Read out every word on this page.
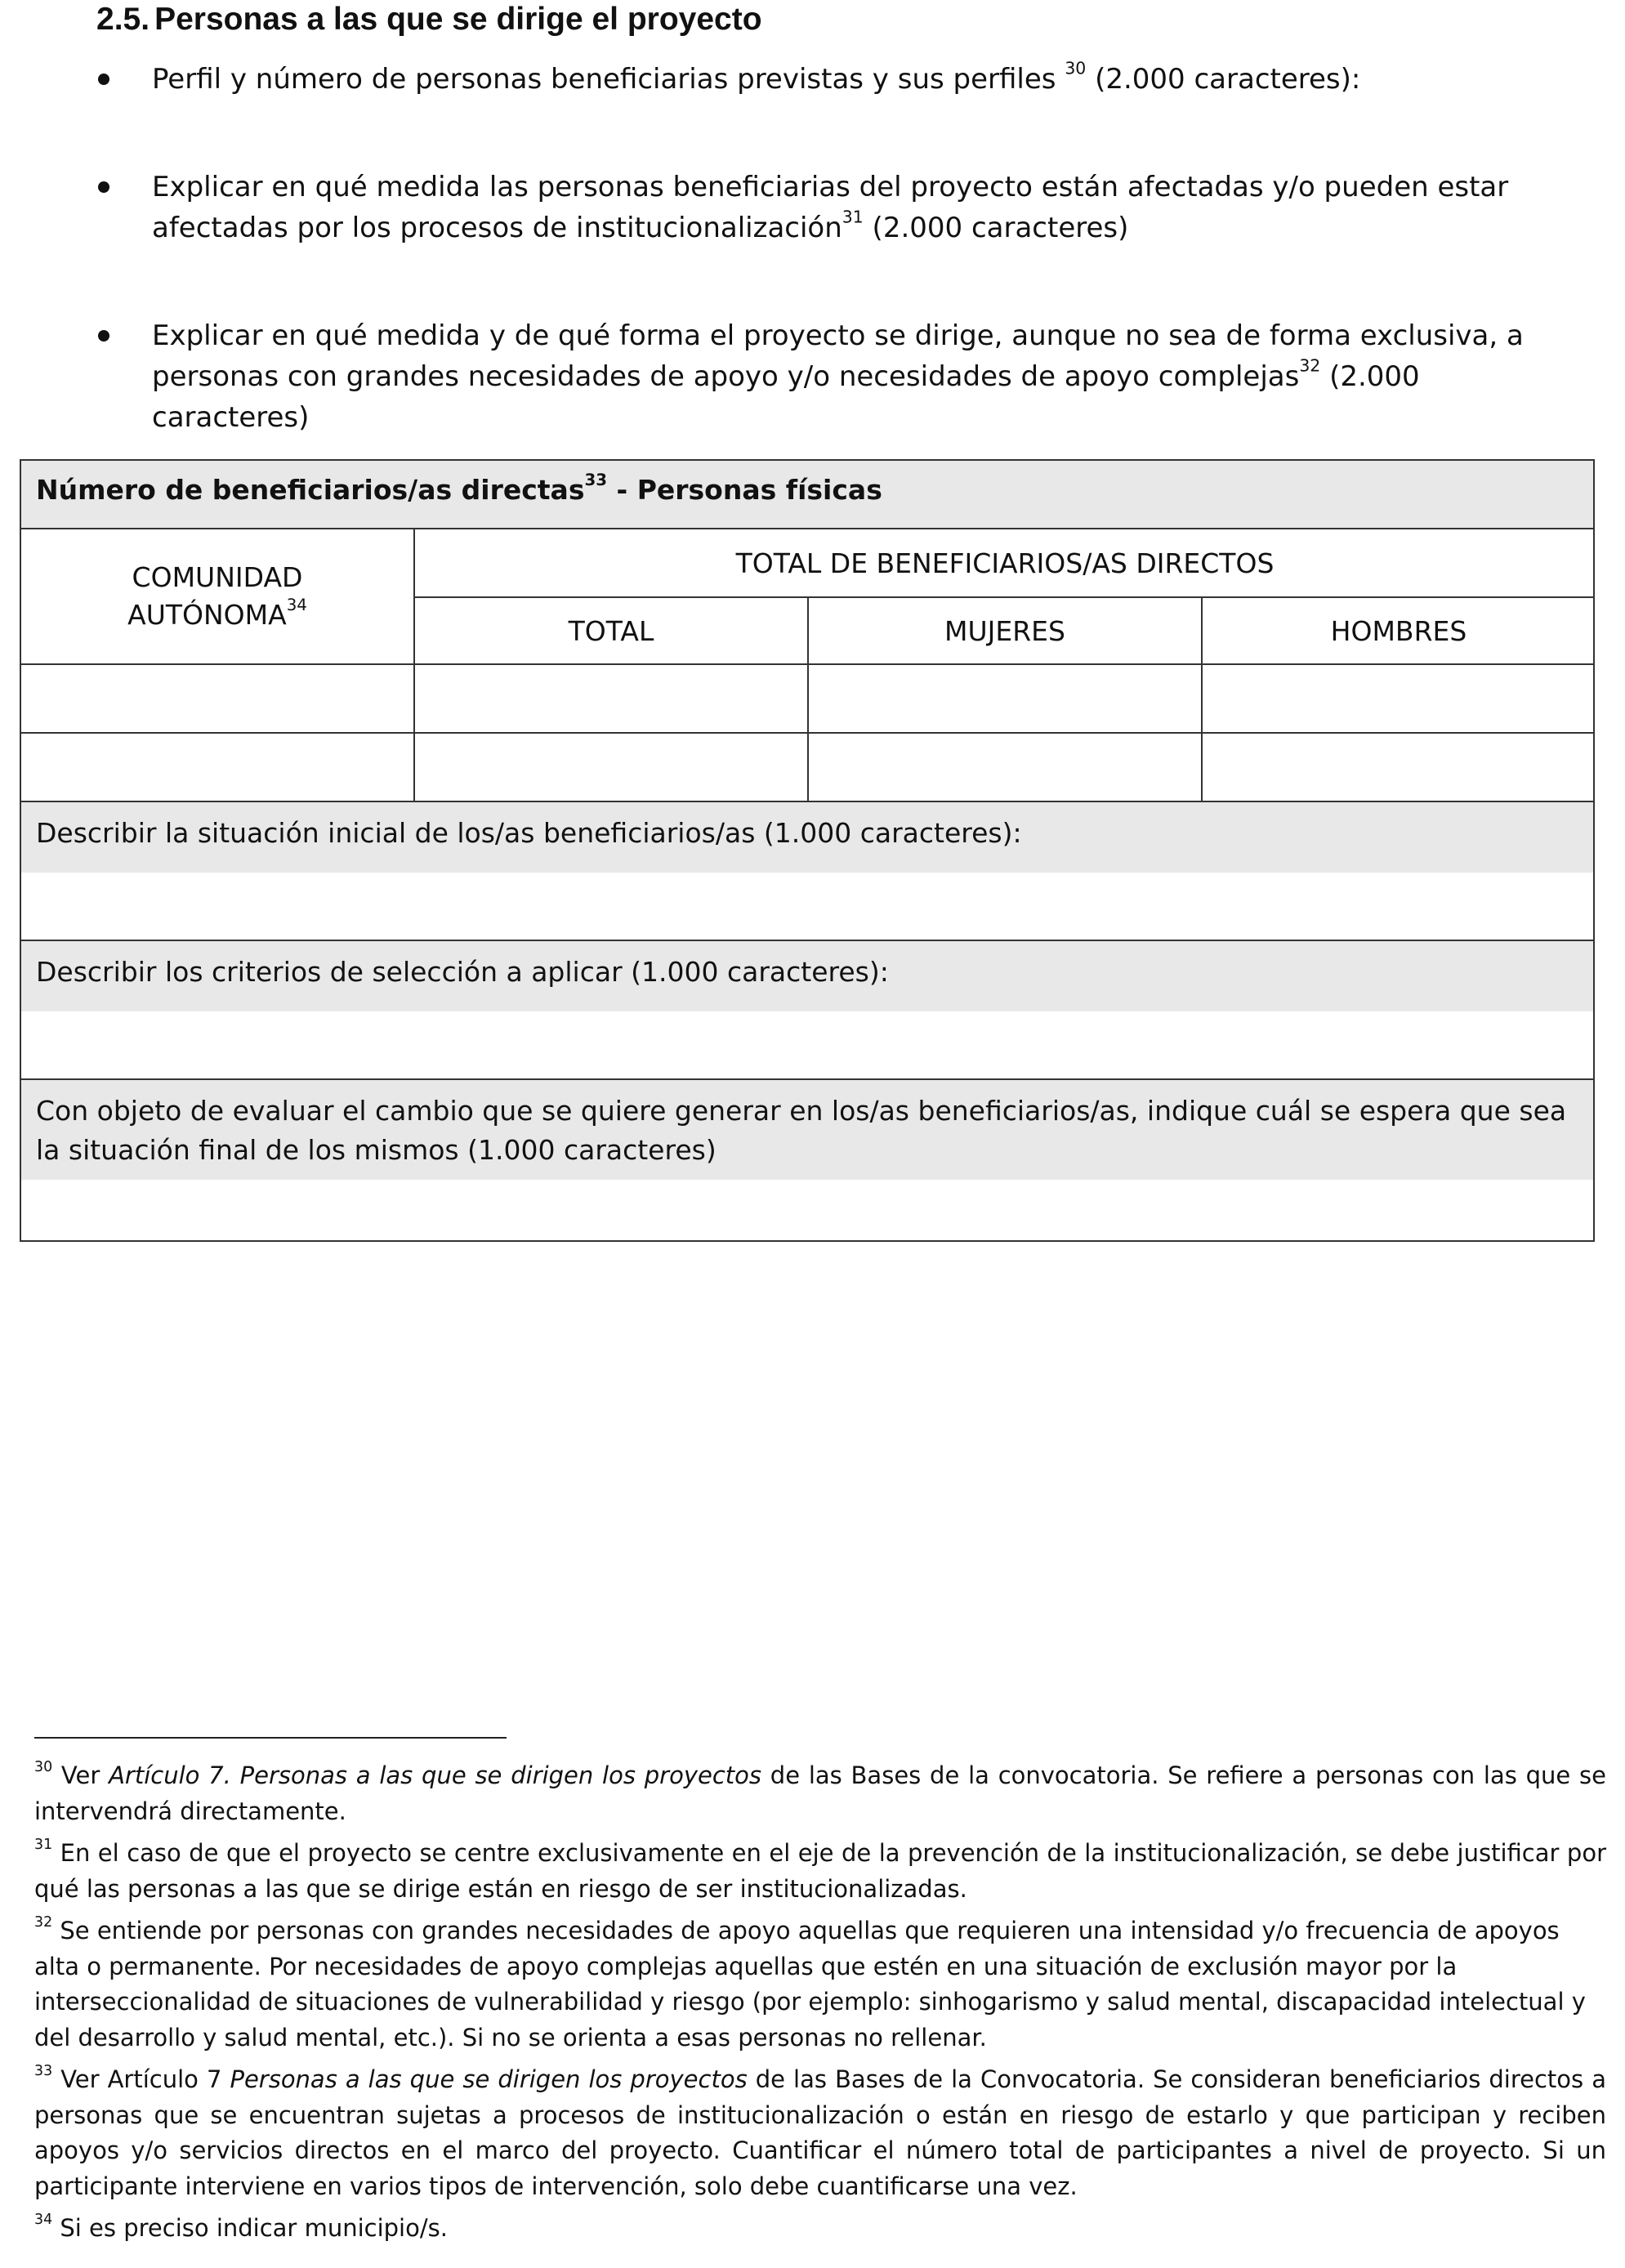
2.5. Personas a las que se dirige el proyecto
Perfil y número de personas beneficiarias previstas y sus perfiles $^{30}$ (2.000 caracteres):
Explicar en qué medida las personas beneficiarias del proyecto están afectadas y/o pueden estar afectadas por los procesos de institucionalización$^{31}$ (2.000 caracteres)
Explicar en qué medida y de qué forma el proyecto se dirige, aunque no sea de forma exclusiva, a personas con grandes necesidades de apoyo y/o necesidades de apoyo complejas$^{32}$ (2.000 caracteres)
Número de beneficiarios/as directas$^{33}$ - Personas físicas
COMUNIDAD
AUTÓNOMA$^{34}$
TOTAL DE BENEFICIARIOS/AS DIRECTOS
TOTAL	MUJERES	HOMBRES
Describir la situación inicial de los/as beneficiarios/as (1.000 caracteres):
Describir los criterios de selección a aplicar (1.000 caracteres):
Con objeto de evaluar el cambio que se quiere generar en los/as beneficiarios/as, indique cuál se espera que sea la situación final de los mismos (1.000 caracteres)

$^{30}$ Ver Artículo 7. Personas a las que se dirigen los proyectos de las Bases de la convocatoria. Se refiere a personas con las que se intervendrá directamente.

$^{31}$ En el caso de que el proyecto se centre exclusivamente en el eje de la prevención de la institucionalización, se debe justificar por qué las personas a las que se dirige están en riesgo de ser institucionalizadas.

$^{32}$ Se entiende por personas con grandes necesidades de apoyo aquellas que requieren una intensidad y/o frecuencia de apoyos alta o permanente. Por necesidades de apoyo complejas aquellas que estén en una situación de exclusión mayor por la interseccionalidad de situaciones de vulnerabilidad y riesgo (por ejemplo: sinhogarismo y salud mental, discapacidad intelectual y del desarrollo y salud mental, etc.). Si no se orienta a esas personas no rellenar.

$^{33}$ Ver Artículo 7 Personas a las que se dirigen los proyectos de las Bases de la Convocatoria. Se consideran beneficiarios directos a personas que se encuentran sujetas a procesos de institucionalización o están en riesgo de estarlo y que participan y reciben apoyos y/o servicios directos en el marco del proyecto. Cuantificar el número total de participantes a nivel de proyecto. Si un participante interviene en varios tipos de intervención, solo debe cuantificarse una vez.

$^{34}$ Si es preciso indicar municipio/s.
